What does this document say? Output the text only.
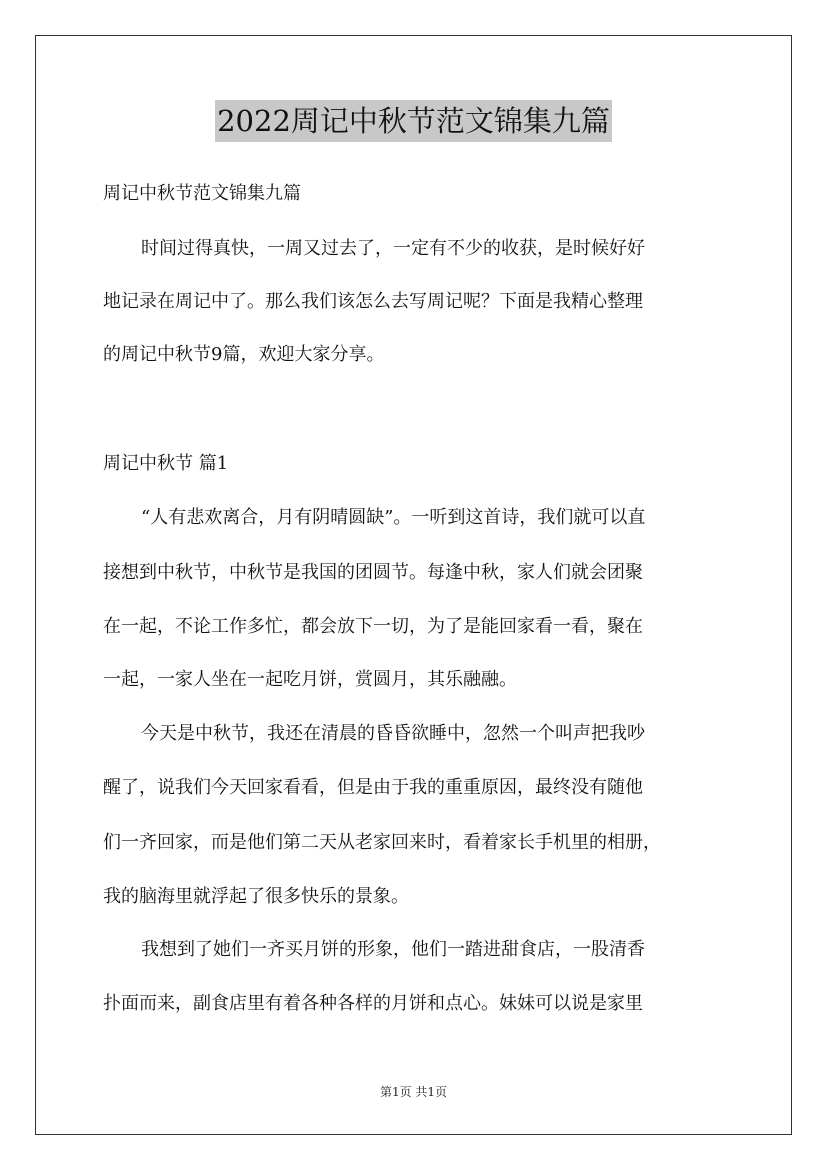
2022周记中秋节范文锦集九篇
周记中秋节范文锦集九篇
时间过得真快，一周又过去了，一定有不少的收获，是时候好好
地记录在周记中了。那么我们该怎么去写周记呢？下面是我精心整理
的周记中秋节9篇，欢迎大家分享。
周记中秋节 篇1
“人有悲欢离合，月有阴晴圆缺”。一听到这首诗，我们就可以直
接想到中秋节，中秋节是我国的团圆节。每逢中秋，家人们就会团聚
在一起，不论工作多忙，都会放下一切，为了是能回家看一看，聚在
一起，一家人坐在一起吃月饼，赏圆月，其乐融融。
今天是中秋节，我还在清晨的昏昏欲睡中，忽然一个叫声把我吵
醒了，说我们今天回家看看，但是由于我的重重原因，最终没有随他
们一齐回家，而是他们第二天从老家回来时，看着家长手机里的相册，
我的脑海里就浮起了很多快乐的景象。
我想到了她们一齐买月饼的形象，他们一踏进甜食店，一股清香
扑面而来，副食店里有着各种各样的月饼和点心。妹妹可以说是家里
第1页 共1页
